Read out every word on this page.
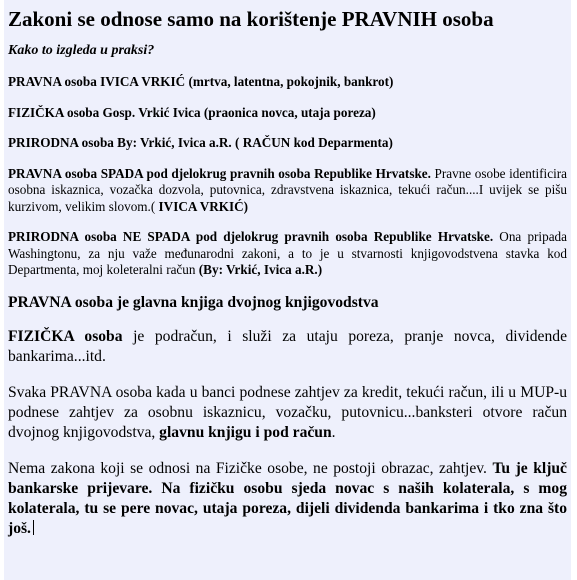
Zakoni se odnose samo na korištenje PRAVNIH osoba

Kako to izgleda u praksi?

PRAVNA osoba IVICA VRKIĆ (mrtva, latentna, pokojnik, bankrot)

FIZIČKA osoba Gosp. Vrkić Ivica (praonica novca, utaja poreza)

PRIRODNA osoba By: Vrkić, Ivica a.R. ( RAČUN kod Deparmenta)

PRAVNA osoba SPADA pod djelokrug pravnih osoba Republike Hrvatske. Pravne osobe identificira osobna iskaznica, vozačka dozvola, putovnica, zdravstvena iskaznica, tekući račun....I uvijek se pišu kurzivom, velikim slovom.( IVICA VRKIĆ)

PRIRODNA osoba NE SPADA pod djelokrug pravnih osoba Republike Hrvatske. Ona pripada Washingtonu, za nju važe međunarodni zakoni, a to je u stvarnosti knjigovodstvena stavka kod Departmenta, moj koleteralni račun (By: Vrkić, Ivica a.R.)

PRAVNA osoba je glavna knjiga dvojnog knjigovodstva

FIZIČKA osoba je podračun, i služi za utaju poreza, pranje novca, dividende bankarima...itd.

Svaka PRAVNA osoba kada u banci podnese zahtjev za kredit, tekući račun, ili u MUP-u podnese zahtjev za osobnu iskaznicu, vozačku, putovnicu...banksteri otvore račun dvojnog knjigovodstva, glavnu knjigu i pod račun.

Nema zakona koji se odnosi na Fizičke osobe, ne postoji obrazac, zahtjev. Tu je ključ bankarske prijevare. Na fizičku osobu sjeda novac s naših kolaterala, s mog kolaterala, tu se pere novac, utaja poreza, dijeli dividenda bankarima i tko zna što još.
